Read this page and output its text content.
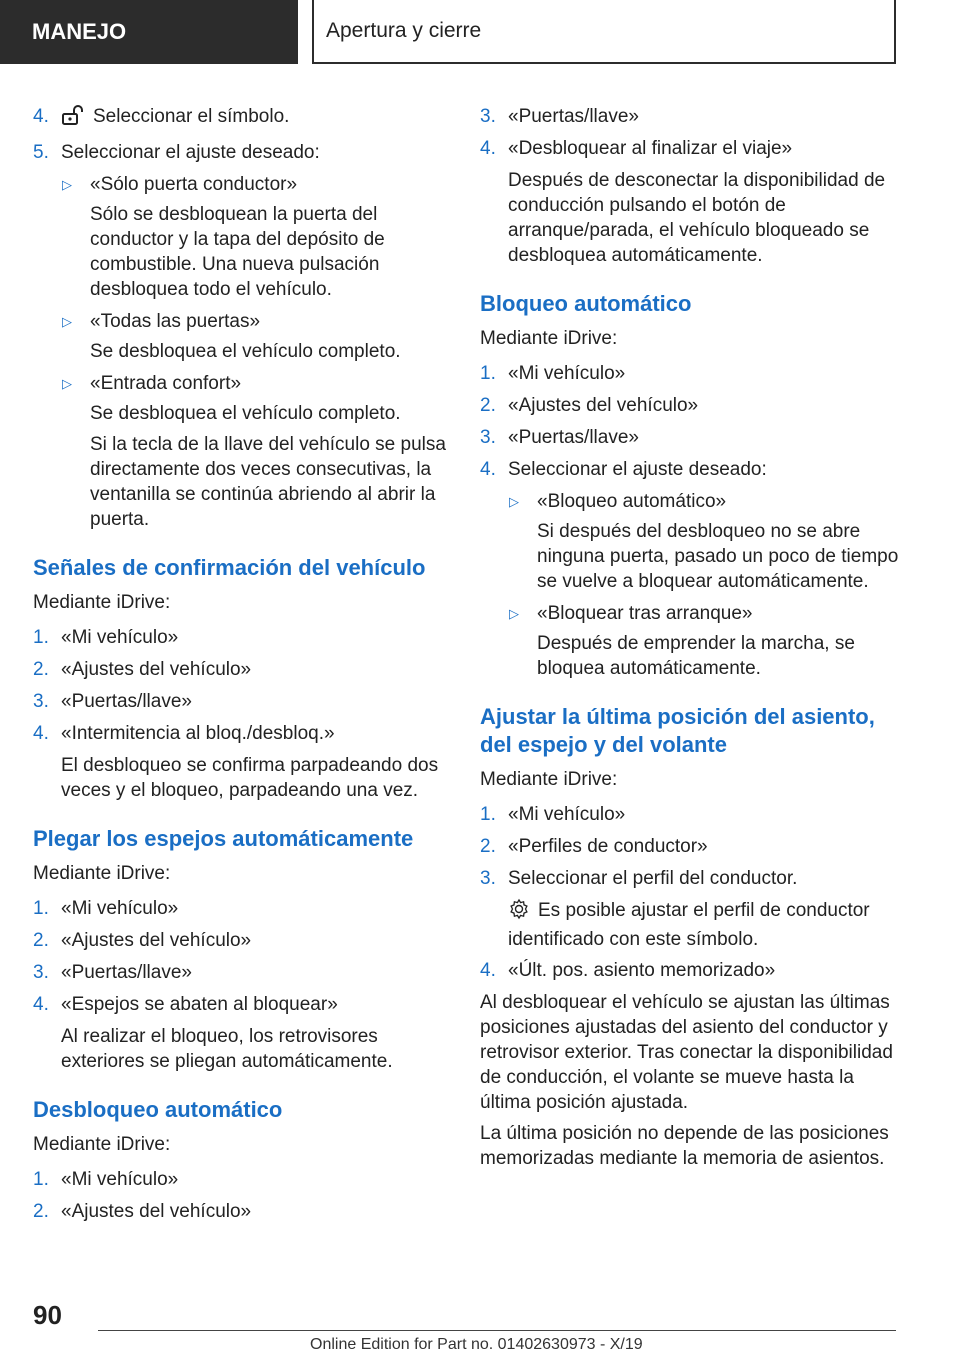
MANEJO	Apertura y cierre
4. Seleccionar el símbolo.
5. Seleccionar el ajuste deseado:
▷ «Sólo puerta conductor»
Sólo se desbloquean la puerta del conductor y la tapa del depósito de combustible. Una nueva pulsación desbloquea todo el vehículo.
▷ «Todas las puertas»
Se desbloquea el vehículo completo.
▷ «Entrada confort»
Se desbloquea el vehículo completo.
Si la tecla de la llave del vehículo se pulsa directamente dos veces consecutivas, la ventanilla se continúa abriendo al abrir la puerta.
Señales de confirmación del vehículo
Mediante iDrive:
1. «Mi vehículo»
2. «Ajustes del vehículo»
3. «Puertas/llave»
4. «Intermitencia al bloq./desbloq.»
El desbloqueo se confirma parpadeando dos veces y el bloqueo, parpadeando una vez.
Plegar los espejos automáticamente
Mediante iDrive:
1. «Mi vehículo»
2. «Ajustes del vehículo»
3. «Puertas/llave»
4. «Espejos se abaten al bloquear»
Al realizar el bloqueo, los retrovisores exteriores se pliegan automáticamente.
Desbloqueo automático
Mediante iDrive:
1. «Mi vehículo»
2. «Ajustes del vehículo»
3. «Puertas/llave»
4. «Desbloquear al finalizar el viaje»
Después de desconectar la disponibilidad de conducción pulsando el botón de arranque/parada, el vehículo bloqueado se desbloquea automáticamente.
Bloqueo automático
Mediante iDrive:
1. «Mi vehículo»
2. «Ajustes del vehículo»
3. «Puertas/llave»
4. Seleccionar el ajuste deseado:
▷ «Bloqueo automático»
Si después del desbloqueo no se abre ninguna puerta, pasado un poco de tiempo se vuelve a bloquear automáticamente.
▷ «Bloquear tras arranque»
Después de emprender la marcha, se bloquea automáticamente.
Ajustar la última posición del asiento, del espejo y del volante
Mediante iDrive:
1. «Mi vehículo»
2. «Perfiles de conductor»
3. Seleccionar el perfil del conductor.
Es posible ajustar el perfil de conductor identificado con este símbolo.
4. «Últ. pos. asiento memorizado»
Al desbloquear el vehículo se ajustan las últimas posiciones ajustadas del asiento del conductor y retrovisor exterior. Tras conectar la disponibilidad de conducción, el volante se mueve hasta la última posición ajustada.
La última posición no depende de las posiciones memorizadas mediante la memoria de asientos.
90
Online Edition for Part no. 01402630973 - X/19
